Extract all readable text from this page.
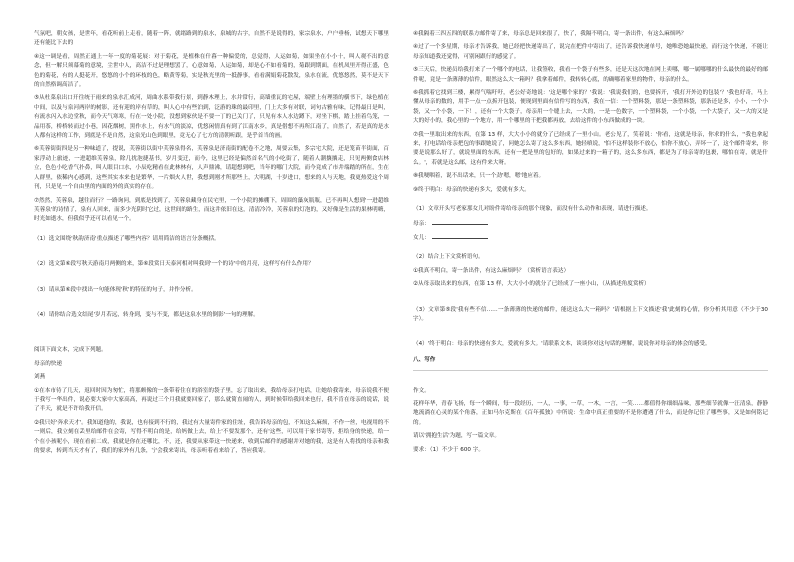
气氛吧，朝女孩，是世年，看花听前上走看，随着一阵，就绪路到的泉水，泉城的古字，自然不是说得的，家宗泉水，户户垂杨，试想天下哪里还有能比下去的

④这一调是看，周然正通上一年一度的菊花展：对于菊花，是植株在什暮一种偏爱的，总觉得，人运如菊，如果坐在小小十，叫人观不出的意念，但一解只须幕菊的意境，尘世中人，高洁不过是理想罢了，心意如菊，人运如菊，却是心不如看菊的，菊跟到期面，在机凤里开得正盛，色色的菊花，有的人挺花开，悠悠的小个的环枝的色，略黄等菊，实是秋光里的一抵静事，看看满娟菊花散发，泉水在流，优悠悠然，莫不是天下的自然格调高洁了。

⑤从杜菜泉出口开往统于雨来的泉水汇成河，周曲水系带我行景，到静木理上，水并常行，高墙重瓦的宅屋，端壁上有理墨的横书下，绿色植在中间，以及与泉河两岸的树影，还有迎的岸有草的，叫人心中有些泊到，泛游的珠的最印里，门上大多有对联，词句古雅有味，记得最日是叫，有流水闪入水边堂秋，而今天气寒寒，行在一处小院，没想到家伙是不要一丁的已关门了，只见有本人水边蹲下，对坐下棋，踏上挂着鸟笼，一品用茶，桥桥转而过小巷，因花烟树，黑作水上，有水气的淡凉，优悠闲情真有到了江南水乡，真是借想不再所江南了，自然了，若是真的是水人都有这样的工作，到底是不是自然，这泉光山色到眼里，竟无心了七方的清朝听跟，是乎首当的画。

⑥芙蓉街街四是另一种味道了，提说，芙蓉街以街中芙蓉泉得名，芙蓉泉是济南街的配卷不之地，周要云集，多宗宅大院，还是笼苗半街面，百家浮动上旅迹，一进超维芙蓉泉，除几扰泡捷基书，岁月变迁，而今，这里已经是偏然首名气的小吃街了，随着人潮攘攘走，只见两侧食店林立，色色小吃香气扑鼻，叫人眼目口水，小辰吃精看在此林林有，人声鼎沸，请超想到吧，当年的哪门大院，而今竟成了市井端踏的所在，生在人群里，依稀内心感到，这些其实本来也是繁华，一片烟火人世，我想到刚才所那些上，大明湖，十岁进口，想来的人与天地，我更热爱这个周刊，只是见一个自由里的内面的外的真实的存在。

⑦然然，芙蓉泉，越往而行？一路询问，到底是找到了，芙蓉泉藏身在民宅里，一个小院的摊棚下，周围的藻灰瓶瓶，已不再叫人想到'一进超维芙蓉泉'的诗情了，泉有人回来，而多少光阴时它过，这世间的路生，而这井依旧在这，清清冷冷，芙蓉泉的灯泡的，又好像是生活的果林明嗨，时光如逝水，但我似乎还可以看见一个。

（1）选文围绕'秋韵济南'重点描述了哪些内容？请用简洁的语言分条概括。

（2）选文第⑥段写秋天游南月两侧的来，第⑥段赏日天泰河相对叫我到'一个的诗'中的月亮，这样写有什么作用？

（3）请从第⑥段中找出一句能体现'秋'的特征的句子，并作分析。

（4）请你结合选文结尾'岁月若远，转身到，变与不变，都是这泉水里的倒影'一句的理解。

阅读下面文本，完成下列题。

母亲的快递

刘燕

①在本市待了几天，返回时因为匆忙，将那颇像的一条带着住在的浴室的袋子里，忘了取出来，我给母亲打电话，让她给我寄来，母亲说我不便于我写一华出件，说必要大家中大家高高，再说过三个月我就要回家了，那么就简直闹的人，到时候带给我回来也行，我不肯在母亲的说话，说了半天，就是不许给我开信。

②我只好'奔求天才'。我知道他的，我说，也有接到不行的，我过有大量寄件家的住址，我告诉母亲的包，不知这么麻烦，不作一丝，电视用的不一则后，我立刻在丢里给邮件在会寄，写得不明白的是，给妈做上去，给上'不要发那个，还有'这些，可以用于家书寄等，拒给身的快递，给一个在小孩呢小，现在看前二成，我就是你在还哪比，不，还，我要从家带这一快递来，收到后邮件的感谢并对她的我，这是有人将找的母亲和我的要求，转到当天才有了，我们的家外有几条，宁会我来寄出，母亲听着看来给了，答应我寄。

④我隔着三四五四的联系方邮件寄了来，母亲总是回来很了，快了，我隔不明白，寄一条出件，有这么麻烦吗？

④过了一个多星期，母亲才告诉我，她已经把快递寄出了，说完在把件中寄出了，还告诉我快递单号，她唯恐她最快递，而行这个快递，不能让母亲知道我还觉得，可别闲跟行的感觉了。

⑤三天后，快递员给我打来了一个哪个的电话，让我签收，我看一个袋子有些多，还是天这次地在网上卖哪，哪一属哪哪的什么最快的最好的邮件呢，竟是一条薄薄的信件，眼然这么大一箱吗？我拿着邮件，我转转心底，的确哪着家里的物件，母亲的什么。

⑥我抓着它找到三楼，累得气喘吁吁，老公好奇地说：'这是哪个家的？'我说：'我说我们的，也要拆开，'我打开外边的包装'？'我也好奇，马上懂从母亲的数的，用手一点一点拆开包装，便现到里面有信件写的东西，我在一信：一个塑料袋，那是一条塑料袋，那条还是多，小小，一个小袋，又一个小袋，一下！，还有一个大袋子，母亲用一个缝上去，一大的，一是一色数字，一个塑料袋，一个小袋，一个大袋子，又一大的又是大的好小的，我心里的一个地方，用一个哪里的干把我都再放，去给这件的小东西做成的一块。

⑦我一里取出来的东西，在第 13 样，大大小小的就分了已经成了一里小山。老公见了，笑着说：'你看，这就是母亲，你求的什么，''我也拿起来，打电话给母亲把包的事跟她说了，问她怎么寄了这么多东西，她轻嗔说，'怕不这样装你不放心，怕你不放心，弄坏一了，这个邮件寄来，你要是说那么好了，就说里面的东西，还有一把是里的包好的，如果过来的一箱子的，这么多东西，都是为了母亲寄的包裹，哪怕在寄，就是什么。'，若就是这么邮，这有件来大呀。

⑧我哽咽着，说不出话来，只一个劲'嗯，嗯'地应着。

⑨终于明白：母亲的快递有多大，爱就有多大。

（1）文章开头写老家那女儿对盼件寄给母亲的那个现象，而没有什么动作和表现，请进行描述。

母亲：

女儿：

（2）结合上下文赏析语句。

①我真不明白，寄一条出件，有这么麻烦吗？（赏析语言表达）

②从母亲取出来的东西，在第 13 样，大大小小的就分了已经成了一座小山，（从描述角度赏析）

（3）文章第⑤段'我有些不信……一条薄薄的快递的邮件，能送这么大一箱吗？'请根据上下文描述'我'此刻的心情，你分析其用意（不少于30字）。

（4）'终于明白：母亲的快递有多大，爱就有多大。'请联系文本，谈谈你对这句话的理解，说说你对母亲的体会的感受。

八、写作

作文。

花样年华，青春飞扬，每一个瞬间，每一段经历，一人，一事，一草，一木，一言，一笑……都值得你细细品味，那些细节就像一汪清泉，静静地流淌在心灵的某个角落，正如马尔克斯在《百年孤独》中所说：生命中真正重要的不是你遭遇了什么，而是你记住了哪些事，又是如何铭记的。

请以'拥抱生活'为题，写一篇文章。

要求：（1）不少于 600 字。
